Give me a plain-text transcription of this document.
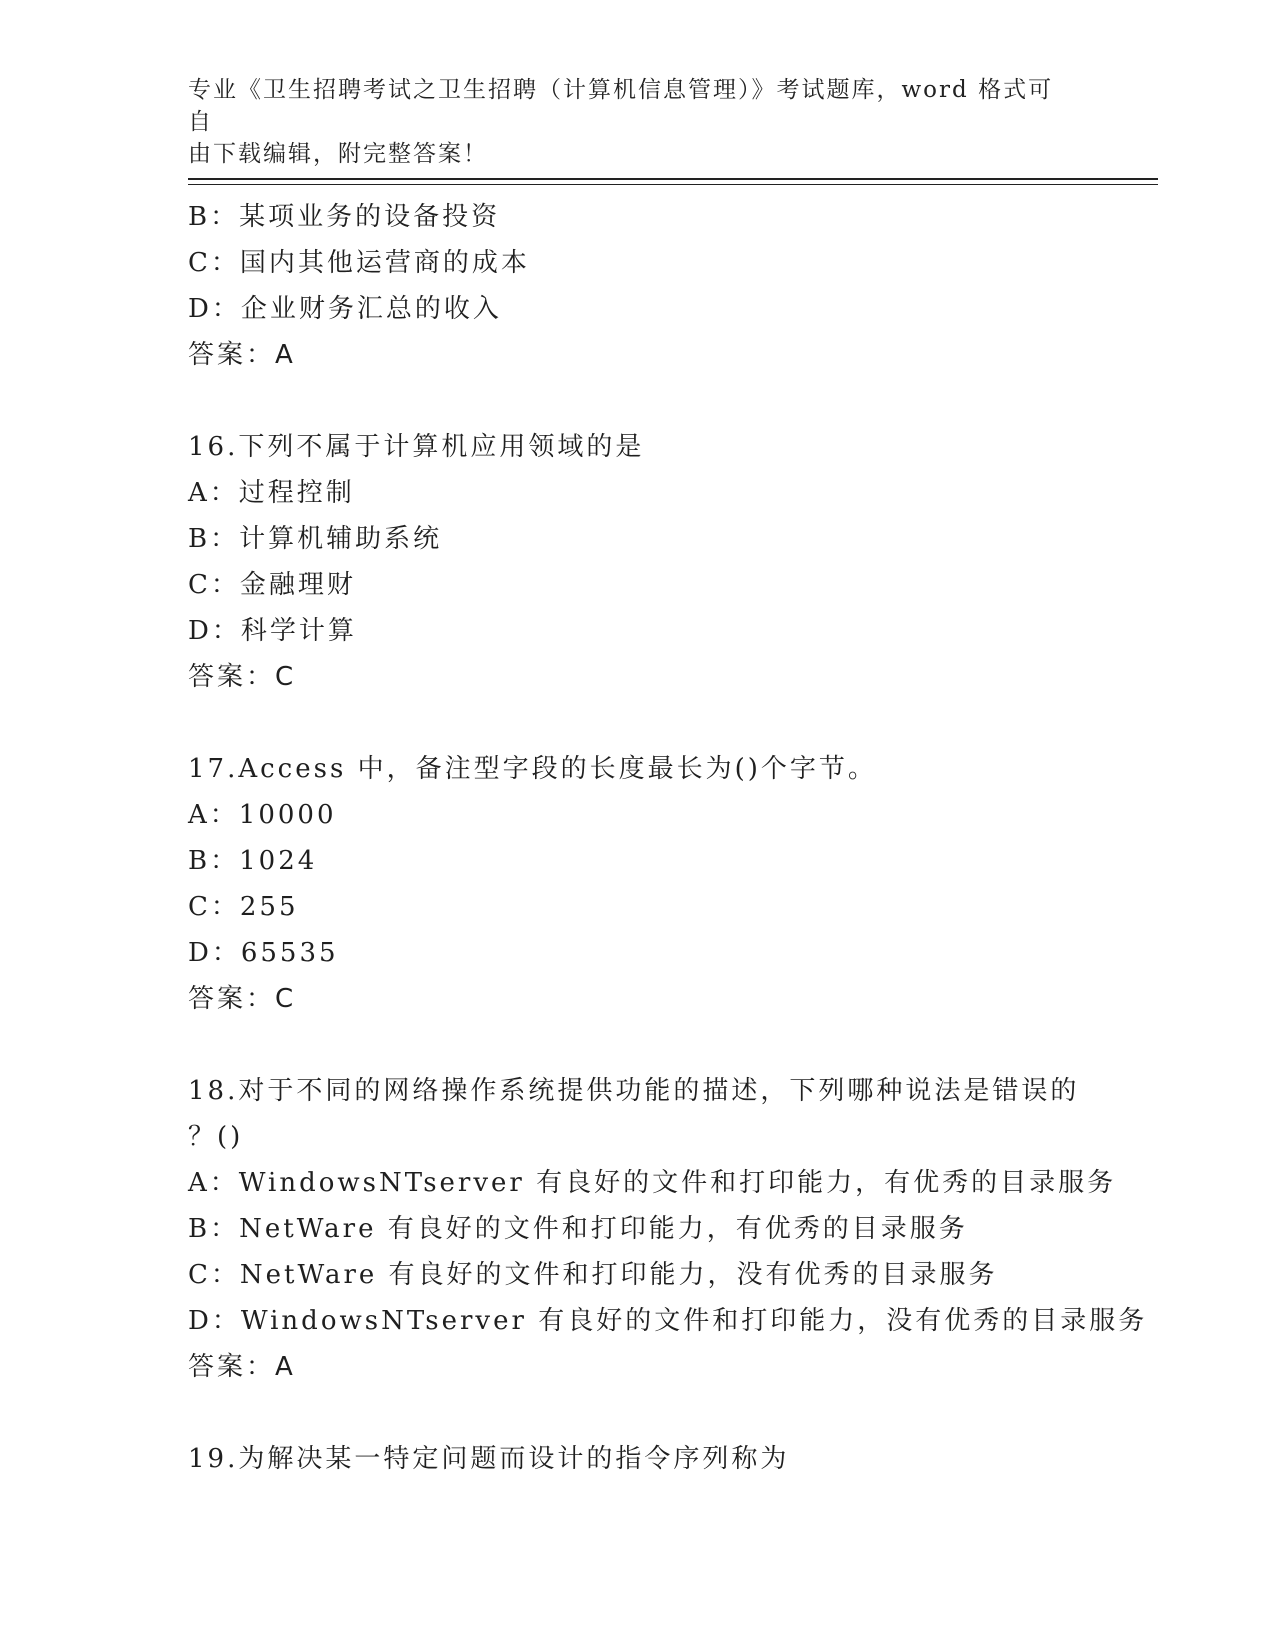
专业《卫生招聘考试之卫生招聘（计算机信息管理）》考试题库，word 格式可自
由下载编辑，附完整答案！
B：某项业务的设备投资
C：国内其他运营商的成本
D：企业财务汇总的收入
答案：A
16.下列不属于计算机应用领域的是
A：过程控制
B：计算机辅助系统
C：金融理财
D：科学计算
答案：C
17.Access 中，备注型字段的长度最长为()个字节。
A：10000
B：1024
C：255
D：65535
答案：C
18.对于不同的网络操作系统提供功能的描述，下列哪种说法是错误的
？()
A：WindowsNTserver 有良好的文件和打印能力，有优秀的目录服务
B：NetWare 有良好的文件和打印能力，有优秀的目录服务
C：NetWare 有良好的文件和打印能力，没有优秀的目录服务
D：WindowsNTserver 有良好的文件和打印能力，没有优秀的目录服务
答案：A
19.为解决某一特定问题而设计的指令序列称为
